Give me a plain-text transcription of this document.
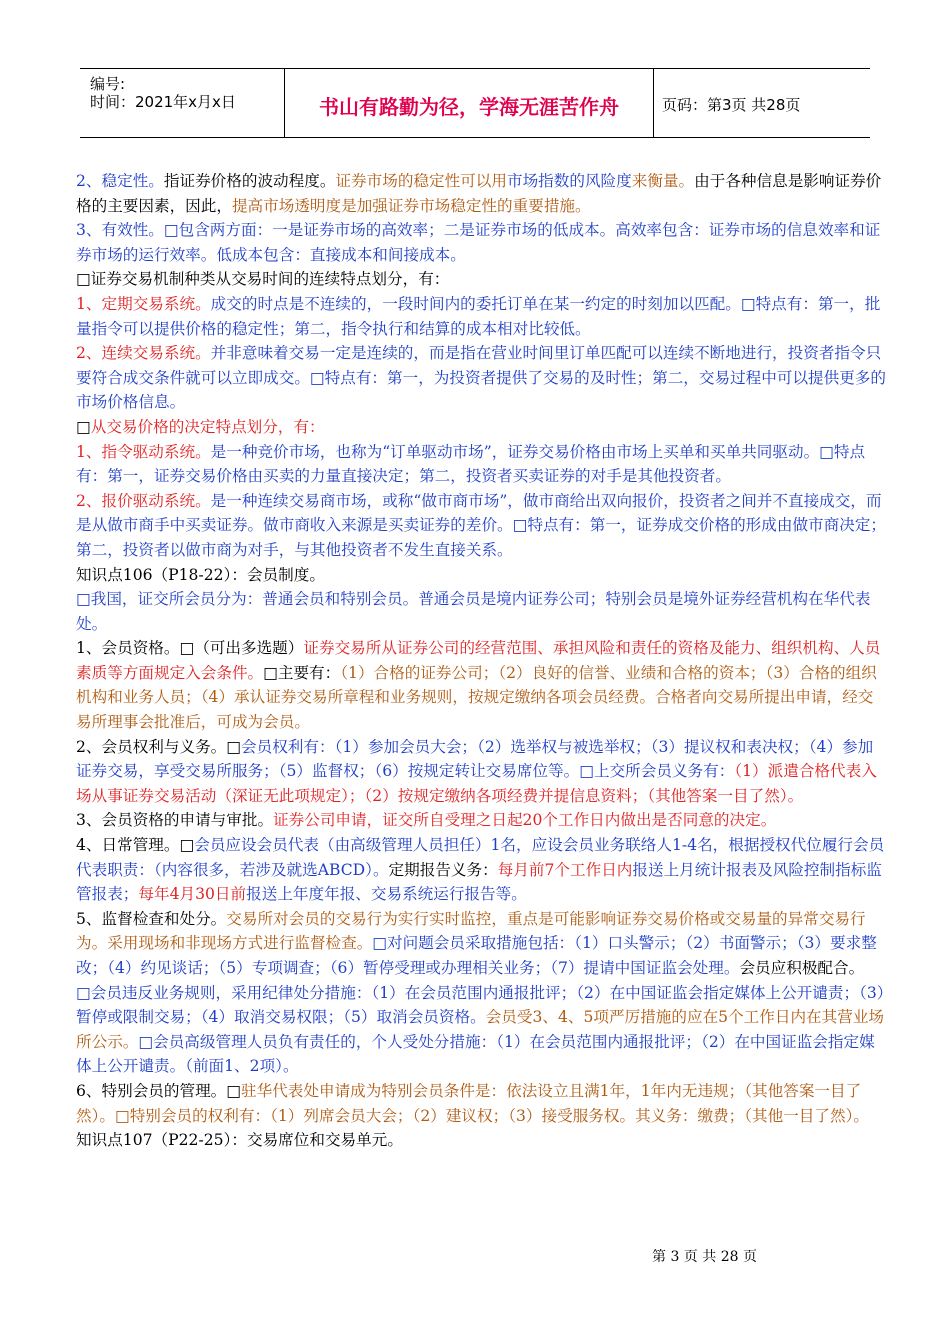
编号:
时间：2021年x月x日	书山有路勤为径，学海无涯苦作舟	页码：第3页 共28页

2、稳定性。指证券价格的波动程度。证券市场的稳定性可以用市场指数的风险度来衡量。由于各种信息是影响证券价格的主要因素，因此，提高市场透明度是加强证券市场稳定性的重要措施。

3、有效性。□包含两方面：一是证券市场的高效率；二是证券市场的低成本。高效率包含：证券市场的信息效率和证券市场的运行效率。低成本包含：直接成本和间接成本。

□证券交易机制种类从交易时间的连续特点划分，有：

1、定期交易系统。成交的时点是不连续的，一段时间内的委托订单在某一约定的时刻加以匹配。□特点有：第一，批量指令可以提供价格的稳定性；第二，指令执行和结算的成本相对比较低。

2、连续交易系统。并非意味着交易一定是连续的，而是指在营业时间里订单匹配可以连续不断地进行，投资者指令只要符合成交条件就可以立即成交。□特点有：第一，为投资者提供了交易的及时性；第二，交易过程中可以提供更多的市场价格信息。

□从交易价格的决定特点划分，有：

1、指令驱动系统。是一种竞价市场，也称为“订单驱动市场”，证券交易价格由市场上买单和买单共同驱动。□特点有：第一，证券交易价格由买卖的力量直接决定；第二，投资者买卖证券的对手是其他投资者。

2、报价驱动系统。是一种连续交易商市场，或称“做市商市场”，做市商给出双向报价，投资者之间并不直接成交，而是从做市商手中买卖证券。做市商收入来源是买卖证券的差价。□特点有：第一，证券成交价格的形成由做市商决定；第二，投资者以做市商为对手，与其他投资者不发生直接关系。

知识点106（P18-22）：会员制度。

□我国，证交所会员分为：普通会员和特别会员。普通会员是境内证券公司；特别会员是境外证券经营机构在华代表处。

1、会员资格。□（可出多选题）证券交易所从证券公司的经营范围、承担风险和责任的资格及能力、组织机构、人员素质等方面规定入会条件。□主要有：（1）合格的证券公司；（2）良好的信誉、业绩和合格的资本；（3）合格的组织机构和业务人员；（4）承认证券交易所章程和业务规则，按规定缴纳各项会员经费。合格者向交易所提出申请，经交易所理事会批准后，可成为会员。

2、会员权利与义务。□会员权利有：（1）参加会员大会；（2）选举权与被选举权；（3）提议权和表决权；（4）参加证券交易，享受交易所服务；（5）监督权；（6）按规定转让交易席位等。□上交所会员义务有：（1）派遣合格代表入场从事证券交易活动（深证无此项规定）；（2）按规定缴纳各项经费并提信息资料；（其他答案一目了然）。

3、会员资格的申请与审批。证券公司申请，证交所自受理之日起20个工作日内做出是否同意的决定。

4、日常管理。□会员应设会员代表（由高级管理人员担任）1名，应设会员业务联络人1-4名，根据授权代位履行会员代表职责：（内容很多，若涉及就选ABCD）。定期报告义务：每月前7个工作日内报送上月统计报表及风险控制指标监管报表；每年4月30日前报送上年度年报、交易系统运行报告等。

5、监督检查和处分。交易所对会员的交易行为实行实时监控，重点是可能影响证券交易价格或交易量的异常交易行为。采用现场和非现场方式进行监督检查。□对问题会员采取措施包括：（1）口头警示；（2）书面警示；（3）要求整改；（4）约见谈话；（5）专项调查；（6）暂停受理或办理相关业务；（7）提请中国证监会处理。会员应积极配合。

□会员违反业务规则，采用纪律处分措施：（1）在会员范围内通报批评；（2）在中国证监会指定媒体上公开谴责；（3）暂停或限制交易；（4）取消交易权限；（5）取消会员资格。会员受3、4、5项严厉措施的应在5个工作日内在其营业场所公示。□会员高级管理人员负有责任的，个人受处分措施：（1）在会员范围内通报批评；（2）在中国证监会指定媒体上公开谴责。（前面1、2项）。

6、特别会员的管理。□驻华代表处申请成为特别会员条件是：依法设立且满1年，1年内无违规；（其他答案一目了然）。□特别会员的权利有：（1）列席会员大会；（2）建议权；（3）接受服务权。其义务：缴费；（其他一目了然）。

知识点107（P22-25）：交易席位和交易单元。

第 3 页 共 28 页
